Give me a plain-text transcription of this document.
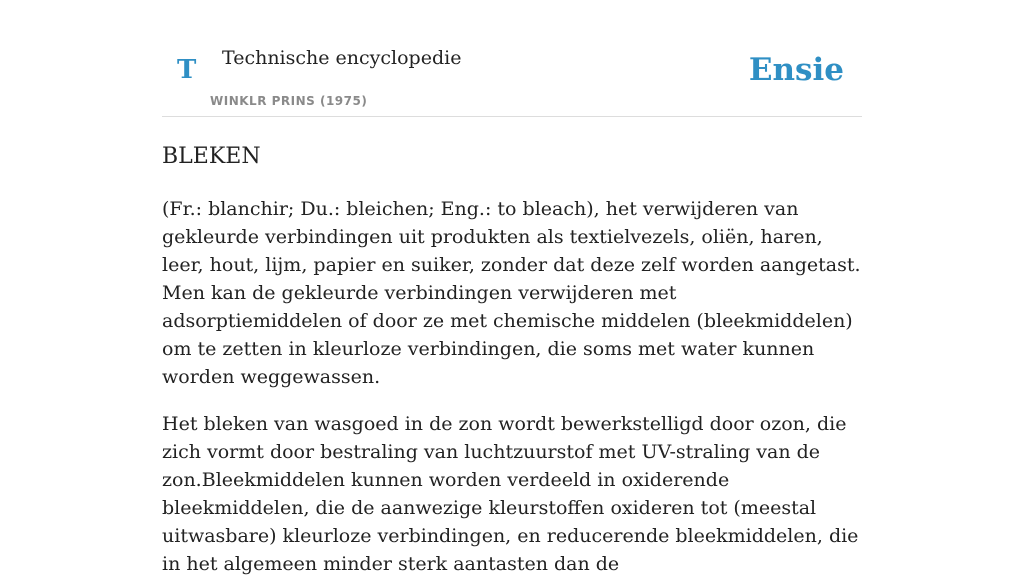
T Technische encyclopedie
WINKLR PRINS (1975)
Ensie
BLEKEN

(Fr.: blanchir; Du.: bleichen; Eng.: to bleach), het verwijderen van gekleurde verbindingen uit produkten als textielvezels, oliën, haren, leer, hout, lijm, papier en suiker, zonder dat deze zelf worden aangetast. Men kan de gekleurde verbindingen verwijderen met adsorptiemiddelen of door ze met chemische middelen (bleekmiddelen) om te zetten in kleurloze verbindingen, die soms met water kunnen worden weggewassen.

Het bleken van wasgoed in de zon wordt bewerkstelligd door ozon, die zich vormt door bestraling van luchtzuurstof met UV-straling van de zon.Bleekmiddelen kunnen worden verdeeld in oxiderende bleekmiddelen, die de aanwezige kleurstoffen oxideren tot (meestal uitwasbare) kleurloze verbindingen, en reducerende bleekmiddelen, die in het algemeen minder sterk aantasten dan de
